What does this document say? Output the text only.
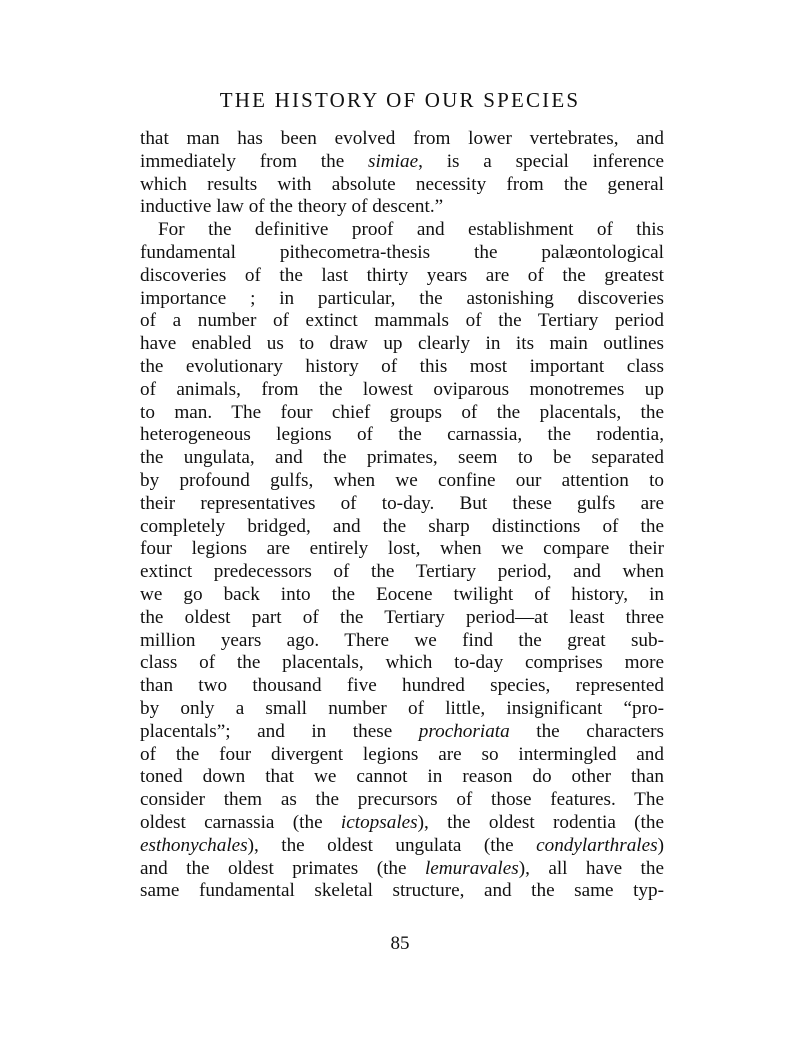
THE HISTORY OF OUR SPECIES
that man has been evolved from lower vertebrates, and
immediately from the simiae, is a special inference
which results with absolute necessity from the general
inductive law of the theory of descent.”
For the definitive proof and establishment of this
fundamental pithecometra-thesis the palæontological
discoveries of the last thirty years are of the greatest
importance ; in particular, the astonishing discoveries
of a number of extinct mammals of the Tertiary period
have enabled us to draw up clearly in its main outlines
the evolutionary history of this most important class
of animals, from the lowest oviparous monotremes up
to man. The four chief groups of the placentals, the
heterogeneous legions of the carnassia, the rodentia,
the ungulata, and the primates, seem to be separated
by profound gulfs, when we confine our attention to
their representatives of to-day. But these gulfs are
completely bridged, and the sharp distinctions of the
four legions are entirely lost, when we compare their
extinct predecessors of the Tertiary period, and when
we go back into the Eocene twilight of history, in
the oldest part of the Tertiary period—at least three
million years ago. There we find the great sub-
class of the placentals, which to-day comprises more
than two thousand five hundred species, represented
by only a small number of little, insignificant “pro-
placentals”; and in these prochoriata the characters
of the four divergent legions are so intermingled and
toned down that we cannot in reason do other than
consider them as the precursors of those features. The
oldest carnassia (the ictopsales), the oldest rodentia (the
esthonychales), the oldest ungulata (the condylarthrales)
and the oldest primates (the lemuravales), all have the
same fundamental skeletal structure, and the same typ-
85
